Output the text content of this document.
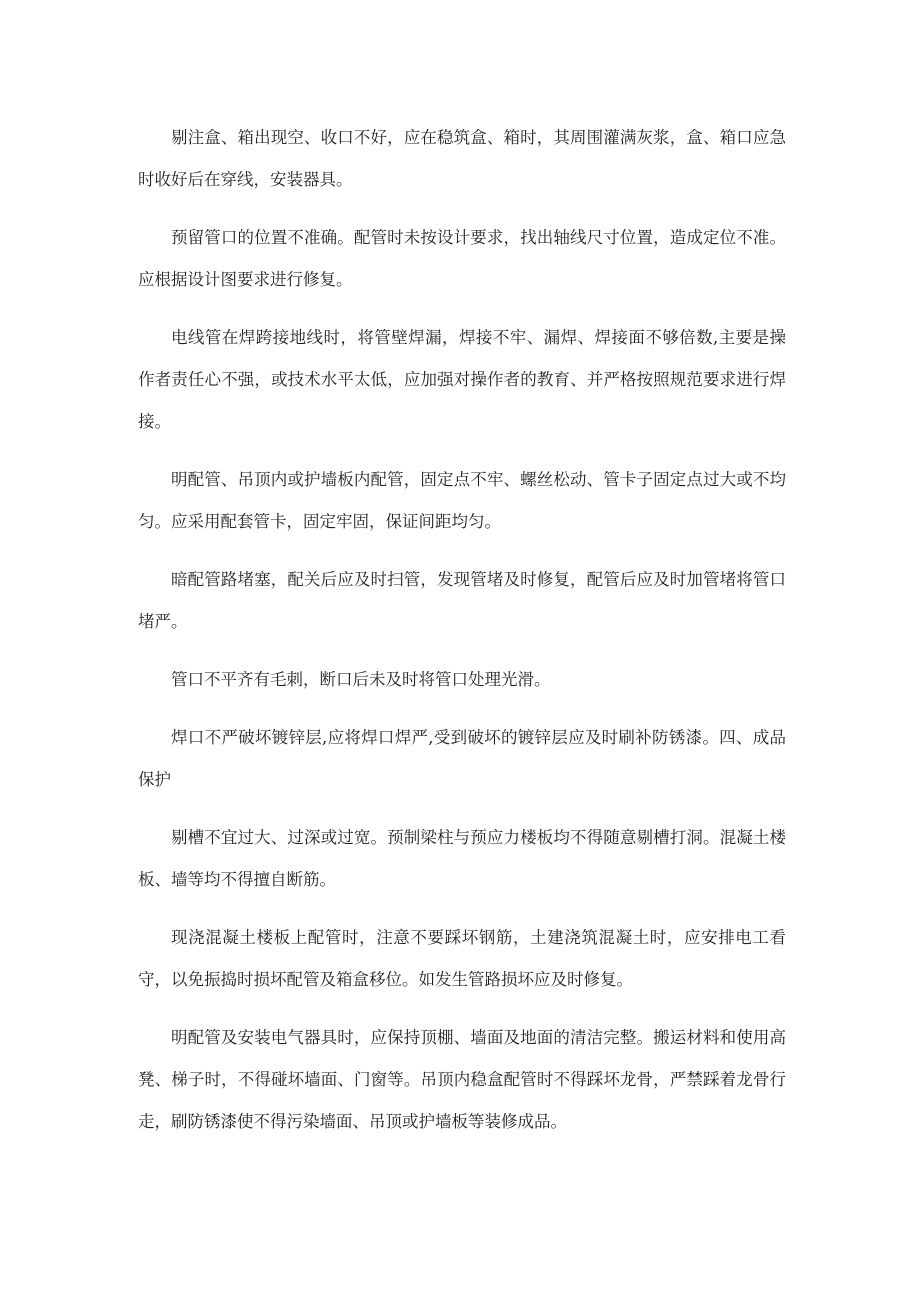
剔注盒、箱出现空、收口不好，应在稳筑盒、箱时，其周围灌满灰浆，盒、箱口应急时收好后在穿线，安装器具。

预留管口的位置不准确。配管时未按设计要求，找出轴线尺寸位置，造成定位不准。应根据设计图要求进行修复。

电线管在焊跨接地线时，将管壁焊漏，焊接不牢、漏焊、焊接面不够倍数,主要是操作者责任心不强，或技术水平太低，应加强对操作者的教育、并严格按照规范要求进行焊接。

明配管、吊顶内或护墙板内配管，固定点不牢、螺丝松动、管卡子固定点过大或不均匀。应采用配套管卡，固定牢固，保证间距均匀。

暗配管路堵塞，配关后应及时扫管，发现管堵及时修复，配管后应及时加管堵将管口堵严。

管口不平齐有毛刺，断口后未及时将管口处理光滑。

焊口不严破坏镀锌层,应将焊口焊严,受到破坏的镀锌层应及时刷补防锈漆。四、成品保护

剔槽不宜过大、过深或过宽。预制梁柱与预应力楼板均不得随意剔槽打洞。混凝土楼板、墙等均不得擅自断筋。

现浇混凝土楼板上配管时，注意不要踩坏钢筋，土建浇筑混凝土时，应安排电工看守，以免振捣时损坏配管及箱盒移位。如发生管路损坏应及时修复。

明配管及安装电气器具时，应保持顶棚、墙面及地面的清洁完整。搬运材料和使用高凳、梯子时，不得碰坏墙面、门窗等。吊顶内稳盒配管时不得踩坏龙骨，严禁踩着龙骨行走，刷防锈漆使不得污染墙面、吊顶或护墙板等装修成品。
